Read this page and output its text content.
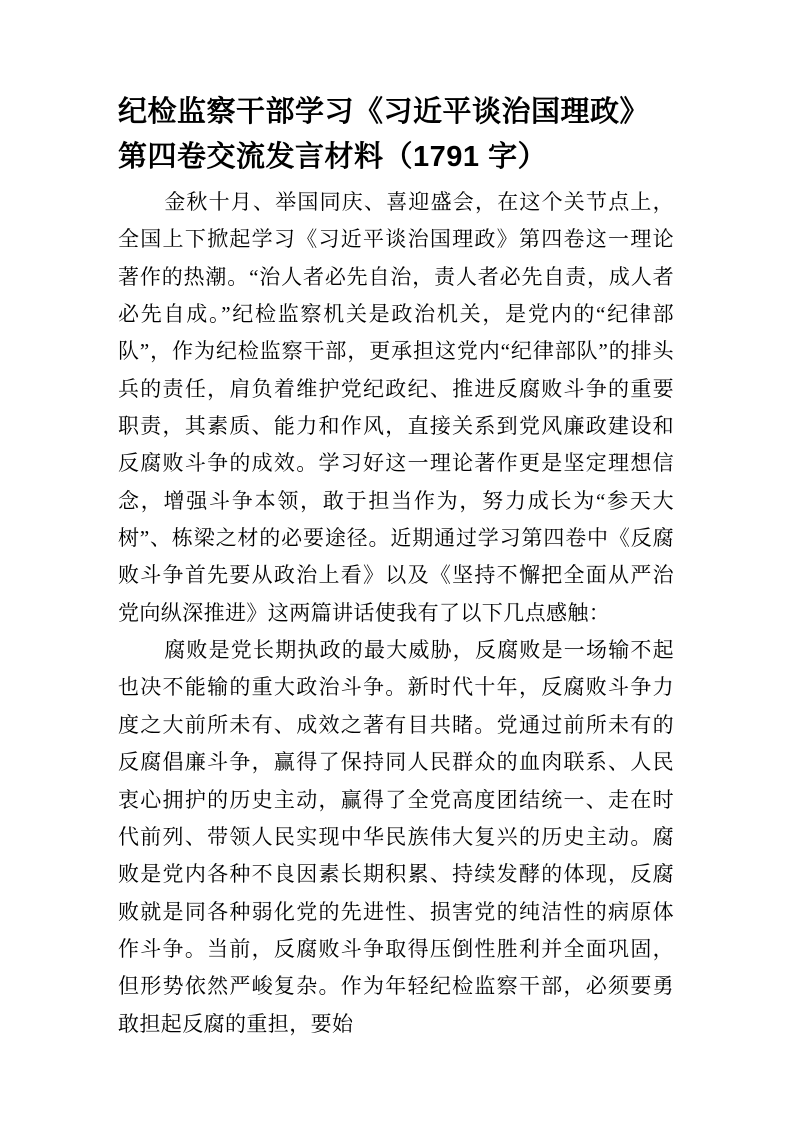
纪检监察干部学习《习近平谈治国理政》第四卷交流发言材料（1791 字）

金秋十月、举国同庆、喜迎盛会，在这个关节点上，全国上下掀起学习《习近平谈治国理政》第四卷这一理论著作的热潮。“治人者必先自治，责人者必先自责，成人者必先自成。”纪检监察机关是政治机关，是党内的“纪律部队”，作为纪检监察干部，更承担这党内“纪律部队”的排头兵的责任，肩负着维护党纪政纪、推进反腐败斗争的重要职责，其素质、能力和作风，直接关系到党风廉政建设和反腐败斗争的成效。学习好这一理论著作更是坚定理想信念，增强斗争本领，敢于担当作为，努力成长为“参天大树”、栋梁之材的必要途径。近期通过学习第四卷中《反腐败斗争首先要从政治上看》以及《坚持不懈把全面从严治党向纵深推进》这两篇讲话使我有了以下几点感触：

腐败是党长期执政的最大威胁，反腐败是一场输不起也决不能输的重大政治斗争。新时代十年，反腐败斗争力度之大前所未有、成效之著有目共睹。党通过前所未有的反腐倡廉斗争，赢得了保持同人民群众的血肉联系、人民衷心拥护的历史主动，赢得了全党高度团结统一、走在时代前列、带领人民实现中华民族伟大复兴的历史主动。腐败是党内各种不良因素长期积累、持续发酵的体现，反腐败就是同各种弱化党的先进性、损害党的纯洁性的病原体作斗争。当前，反腐败斗争取得压倒性胜利并全面巩固，但形势依然严峻复杂。作为年轻纪检监察干部，必须要勇敢担起反腐的重担，要始
